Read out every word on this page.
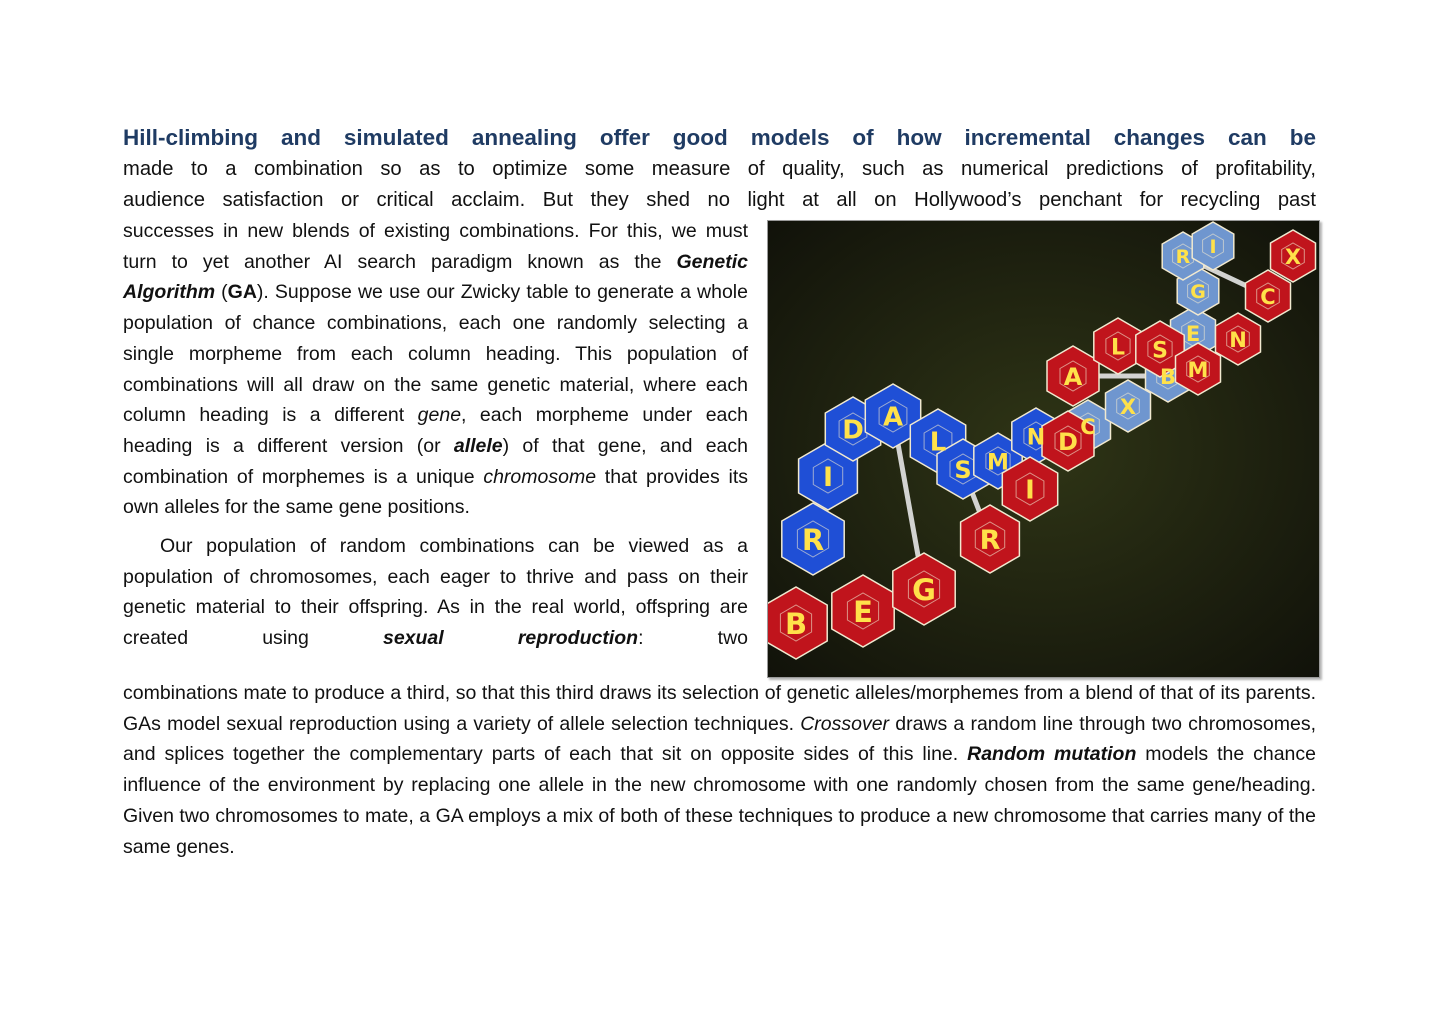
Hill-climbing and simulated annealing offer good models of how incremental changes can be

made to a combination so as to optimize some measure of quality, such as numerical predictions of profitability,

audience satisfaction or critical acclaim. But they shed no light at all on Hollywood’s penchant for recycling past

successes in new blends of existing combinations. For this, we must turn to yet another AI search paradigm known as the Genetic Algorithm (GA). Suppose we use our Zwicky table to generate a whole population of chance combinations, each one randomly selecting a single morpheme from each column heading. This population of combinations will all draw on the same genetic material, where each column heading is a different gene, each morpheme under each heading is a different version (or allele) of that gene, and each combination of morphemes is a unique chromosome that provides its own alleles for the same gene positions.

Our population of random combinations can be viewed as a population of chromosomes, each eager to thrive and pass on their genetic material to their offspring. As in the real world, offspring are created using sexual reproduction: two

R
I
D A
L
S M
N C
X
B
E
G
R I
B E
G
R
I
D
A
L S
M
N
C
X

combinations mate to produce a third, so that this third draws its selection of genetic alleles/morphemes from a blend of that of its parents. GAs model sexual reproduction using a variety of allele selection techniques. Crossover draws a random line through two chromosomes, and splices together the complementary parts of each that sit on opposite sides of this line. Random mutation models the chance influence of the environment by replacing one allele in the new chromosome with one randomly chosen from the same gene/heading. Given two chromosomes to mate, a GA employs a mix of both of these techniques to produce a new chromosome that carries many of the same genes.
